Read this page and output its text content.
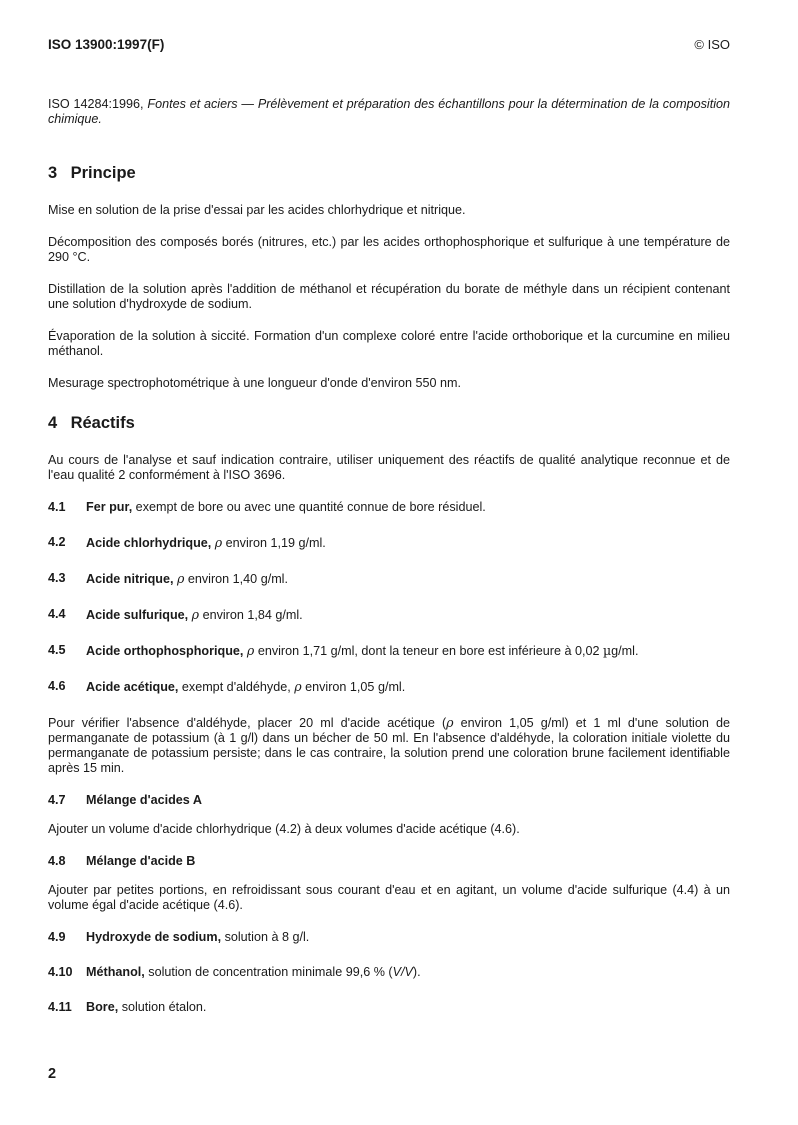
ISO 13900:1997(F)	© ISO

ISO 14284:1996, Fontes et aciers — Prélèvement et préparation des échantillons pour la détermination de la composition chimique.

3 Principe

Mise en solution de la prise d'essai par les acides chlorhydrique et nitrique.

Décomposition des composés borés (nitrures, etc.) par les acides orthophosphorique et sulfurique à une température de 290 °C.

Distillation de la solution après l'addition de méthanol et récupération du borate de méthyle dans un récipient contenant une solution d'hydroxyde de sodium.

Évaporation de la solution à siccité. Formation d'un complexe coloré entre l'acide orthoborique et la curcumine en milieu méthanol.

Mesurage spectrophotométrique à une longueur d'onde d'environ 550 nm.

4 Réactifs

Au cours de l'analyse et sauf indication contraire, utiliser uniquement des réactifs de qualité analytique reconnue et de l'eau qualité 2 conformément à l'ISO 3696.

4.1	Fer pur, exempt de bore ou avec une quantité connue de bore résiduel.
4.2	Acide chlorhydrique, ρ environ 1,19 g/ml.
4.3	Acide nitrique, ρ environ 1,40 g/ml.
4.4	Acide sulfurique, ρ environ 1,84 g/ml.
4.5	Acide orthophosphorique, ρ environ 1,71 g/ml, dont la teneur en bore est inférieure à 0,02 µg/ml.
4.6	Acide acétique, exempt d'aldéhyde, ρ environ 1,05 g/ml.

Pour vérifier l'absence d'aldéhyde, placer 20 ml d'acide acétique (ρ environ 1,05 g/ml) et 1 ml d'une solution de permanganate de potassium (à 1 g/l) dans un bécher de 50 ml. En l'absence d'aldéhyde, la coloration initiale violette du permanganate de potassium persiste; dans le cas contraire, la solution prend une coloration brune facilement identifiable après 15 min.

4.7	Mélange d'acides A

Ajouter un volume d'acide chlorhydrique (4.2) à deux volumes d'acide acétique (4.6).

4.8	Mélange d'acide B

Ajouter par petites portions, en refroidissant sous courant d'eau et en agitant, un volume d'acide sulfurique (4.4) à un volume égal d'acide acétique (4.6).

4.9	Hydroxyde de sodium, solution à 8 g/l.
4.10	Méthanol, solution de concentration minimale 99,6 % (V/V).
4.11	Bore, solution étalon.
2
